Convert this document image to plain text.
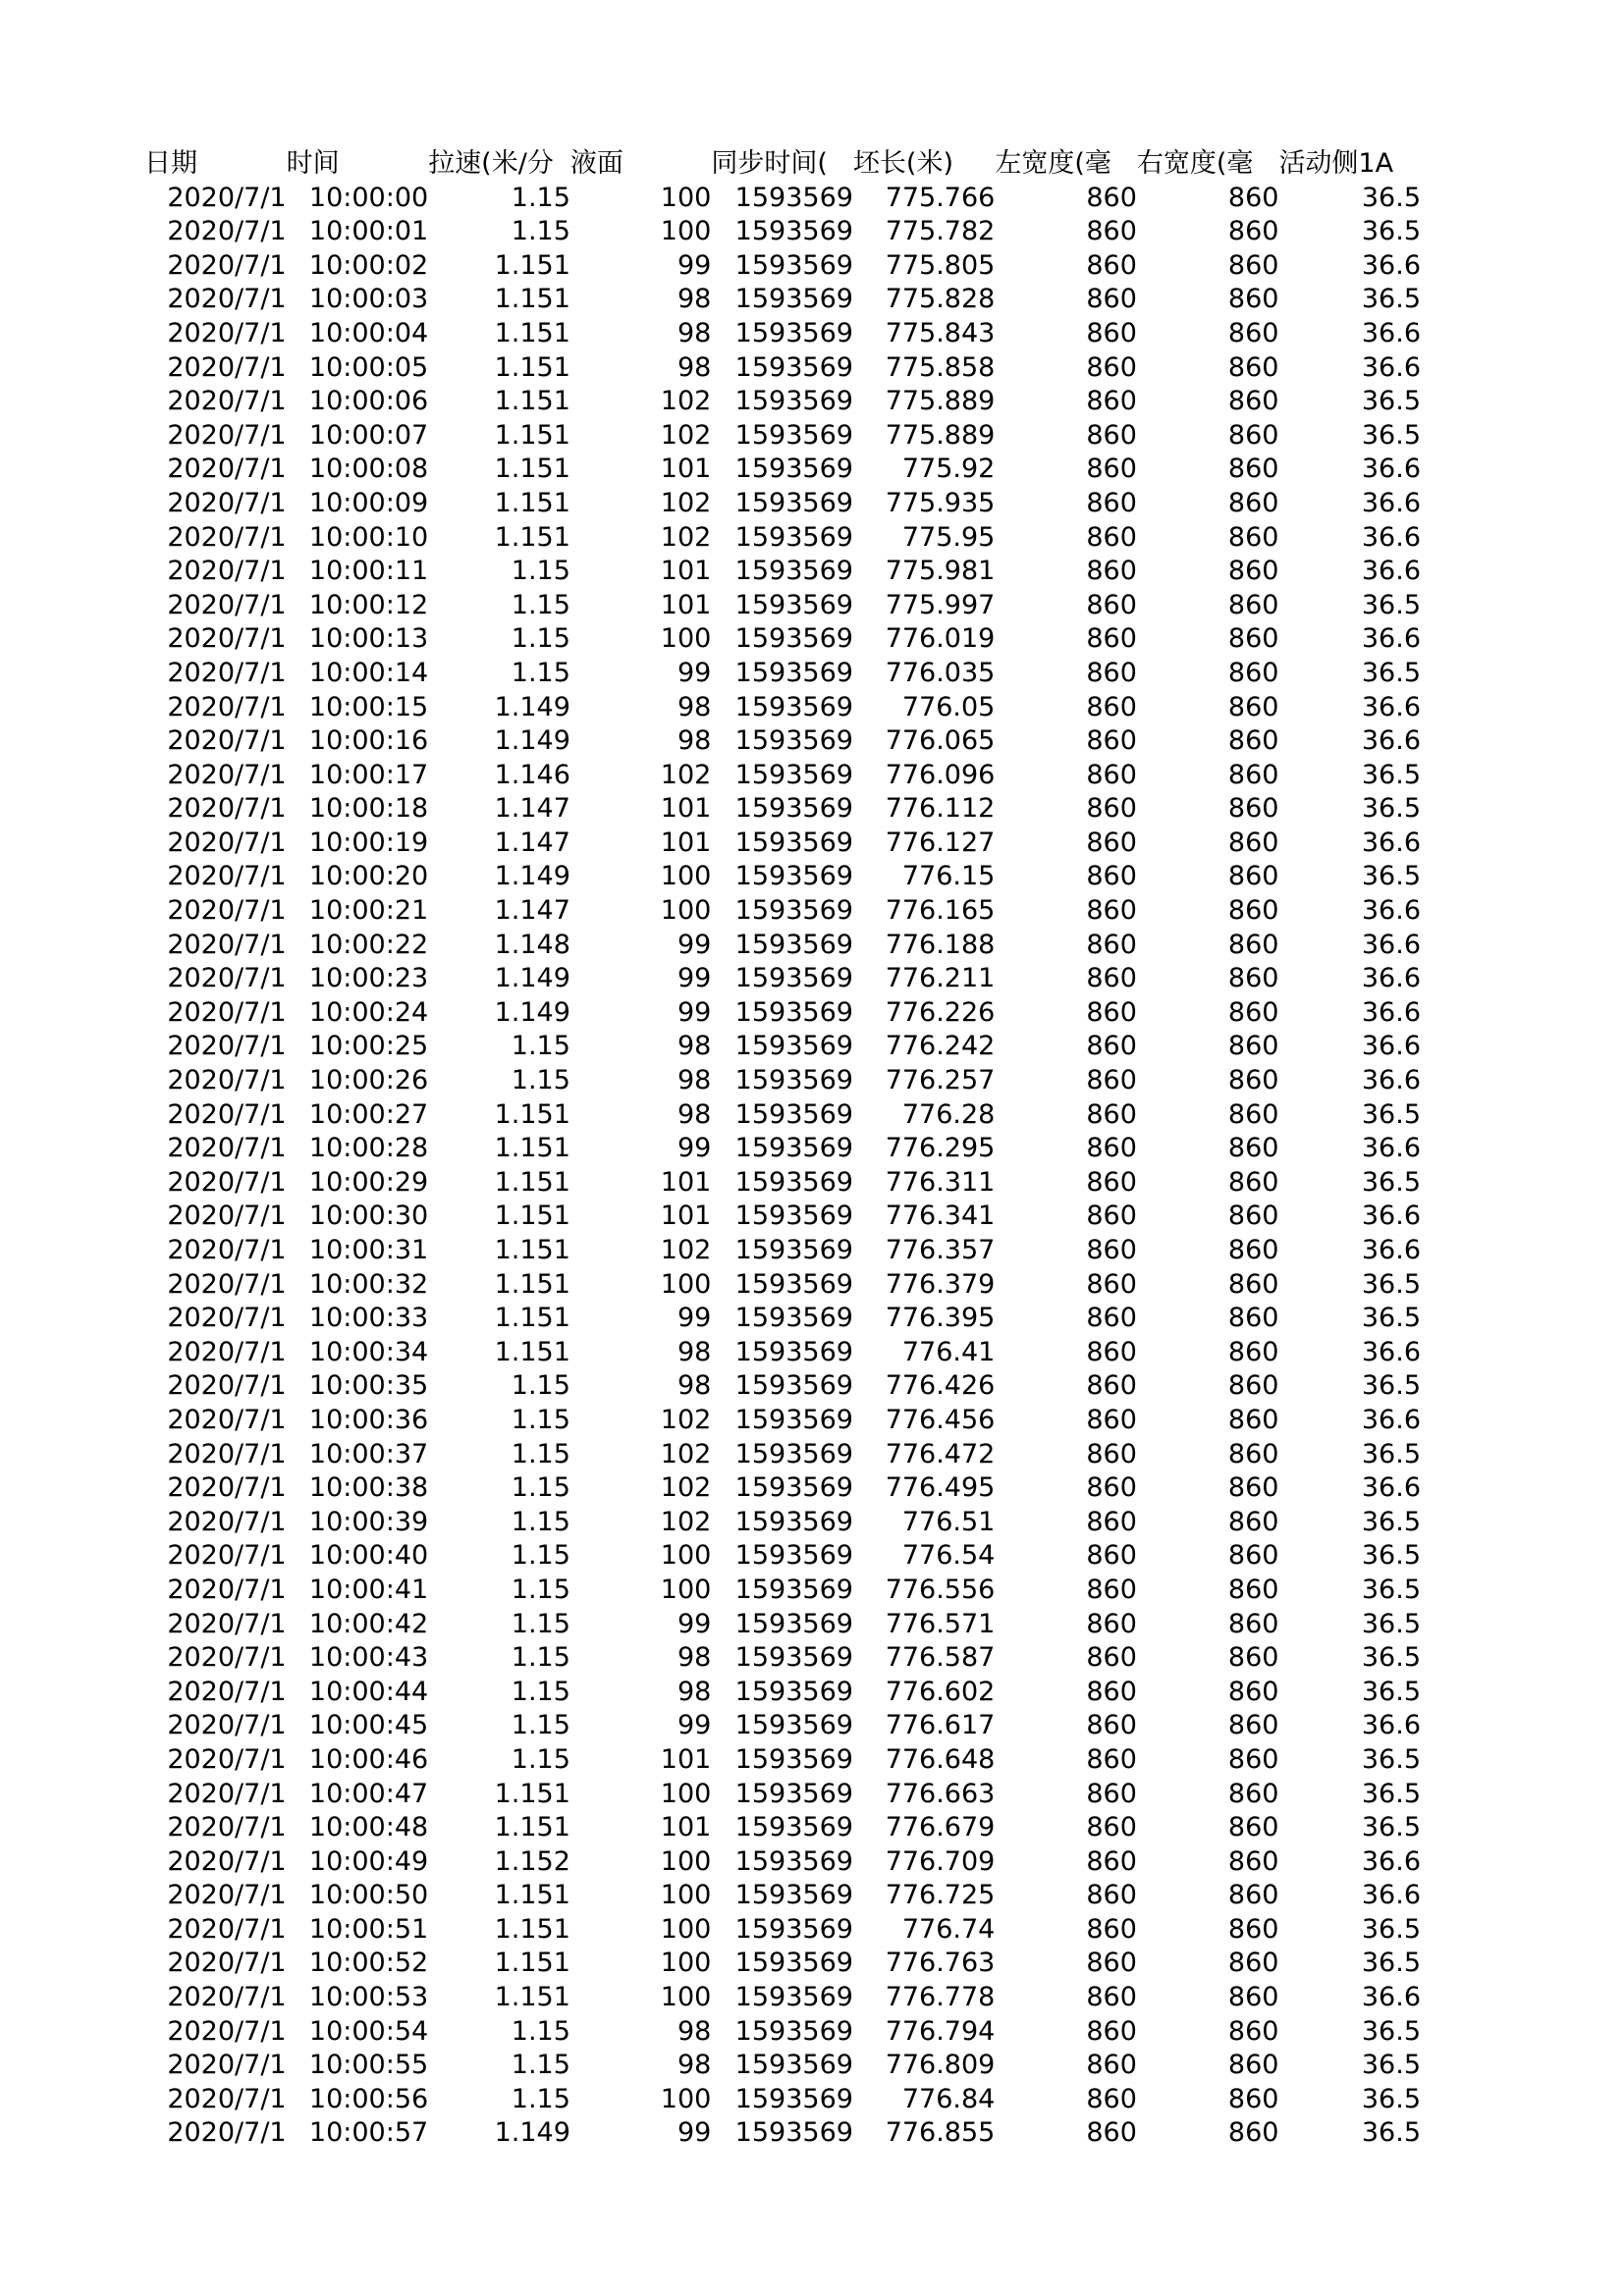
日期	时间	拉速(米/分	液面	同步时间(	坯长(米)	左宽度(毫	右宽度(毫	活动侧1A
2020/7/1	10:00:00	1.15	100	1593569	775.766	860	860	36.5
2020/7/1	10:00:01	1.15	100	1593569	775.782	860	860	36.5
2020/7/1	10:00:02	1.151	99	1593569	775.805	860	860	36.6
2020/7/1	10:00:03	1.151	98	1593569	775.828	860	860	36.5
2020/7/1	10:00:04	1.151	98	1593569	775.843	860	860	36.6
2020/7/1	10:00:05	1.151	98	1593569	775.858	860	860	36.6
2020/7/1	10:00:06	1.151	102	1593569	775.889	860	860	36.5
2020/7/1	10:00:07	1.151	102	1593569	775.889	860	860	36.5
2020/7/1	10:00:08	1.151	101	1593569	775.92	860	860	36.6
2020/7/1	10:00:09	1.151	102	1593569	775.935	860	860	36.6
2020/7/1	10:00:10	1.151	102	1593569	775.95	860	860	36.6
2020/7/1	10:00:11	1.15	101	1593569	775.981	860	860	36.6
2020/7/1	10:00:12	1.15	101	1593569	775.997	860	860	36.5
2020/7/1	10:00:13	1.15	100	1593569	776.019	860	860	36.6
2020/7/1	10:00:14	1.15	99	1593569	776.035	860	860	36.5
2020/7/1	10:00:15	1.149	98	1593569	776.05	860	860	36.6
2020/7/1	10:00:16	1.149	98	1593569	776.065	860	860	36.6
2020/7/1	10:00:17	1.146	102	1593569	776.096	860	860	36.5
2020/7/1	10:00:18	1.147	101	1593569	776.112	860	860	36.5
2020/7/1	10:00:19	1.147	101	1593569	776.127	860	860	36.6
2020/7/1	10:00:20	1.149	100	1593569	776.15	860	860	36.5
2020/7/1	10:00:21	1.147	100	1593569	776.165	860	860	36.6
2020/7/1	10:00:22	1.148	99	1593569	776.188	860	860	36.6
2020/7/1	10:00:23	1.149	99	1593569	776.211	860	860	36.6
2020/7/1	10:00:24	1.149	99	1593569	776.226	860	860	36.6
2020/7/1	10:00:25	1.15	98	1593569	776.242	860	860	36.6
2020/7/1	10:00:26	1.15	98	1593569	776.257	860	860	36.6
2020/7/1	10:00:27	1.151	98	1593569	776.28	860	860	36.5
2020/7/1	10:00:28	1.151	99	1593569	776.295	860	860	36.6
2020/7/1	10:00:29	1.151	101	1593569	776.311	860	860	36.5
2020/7/1	10:00:30	1.151	101	1593569	776.341	860	860	36.6
2020/7/1	10:00:31	1.151	102	1593569	776.357	860	860	36.6
2020/7/1	10:00:32	1.151	100	1593569	776.379	860	860	36.5
2020/7/1	10:00:33	1.151	99	1593569	776.395	860	860	36.5
2020/7/1	10:00:34	1.151	98	1593569	776.41	860	860	36.6
2020/7/1	10:00:35	1.15	98	1593569	776.426	860	860	36.5
2020/7/1	10:00:36	1.15	102	1593569	776.456	860	860	36.6
2020/7/1	10:00:37	1.15	102	1593569	776.472	860	860	36.5
2020/7/1	10:00:38	1.15	102	1593569	776.495	860	860	36.6
2020/7/1	10:00:39	1.15	102	1593569	776.51	860	860	36.5
2020/7/1	10:00:40	1.15	100	1593569	776.54	860	860	36.5
2020/7/1	10:00:41	1.15	100	1593569	776.556	860	860	36.5
2020/7/1	10:00:42	1.15	99	1593569	776.571	860	860	36.5
2020/7/1	10:00:43	1.15	98	1593569	776.587	860	860	36.5
2020/7/1	10:00:44	1.15	98	1593569	776.602	860	860	36.5
2020/7/1	10:00:45	1.15	99	1593569	776.617	860	860	36.6
2020/7/1	10:00:46	1.15	101	1593569	776.648	860	860	36.5
2020/7/1	10:00:47	1.151	100	1593569	776.663	860	860	36.5
2020/7/1	10:00:48	1.151	101	1593569	776.679	860	860	36.5
2020/7/1	10:00:49	1.152	100	1593569	776.709	860	860	36.6
2020/7/1	10:00:50	1.151	100	1593569	776.725	860	860	36.6
2020/7/1	10:00:51	1.151	100	1593569	776.74	860	860	36.5
2020/7/1	10:00:52	1.151	100	1593569	776.763	860	860	36.5
2020/7/1	10:00:53	1.151	100	1593569	776.778	860	860	36.6
2020/7/1	10:00:54	1.15	98	1593569	776.794	860	860	36.5
2020/7/1	10:00:55	1.15	98	1593569	776.809	860	860	36.5
2020/7/1	10:00:56	1.15	100	1593569	776.84	860	860	36.5
2020/7/1	10:00:57	1.149	99	1593569	776.855	860	860	36.5
